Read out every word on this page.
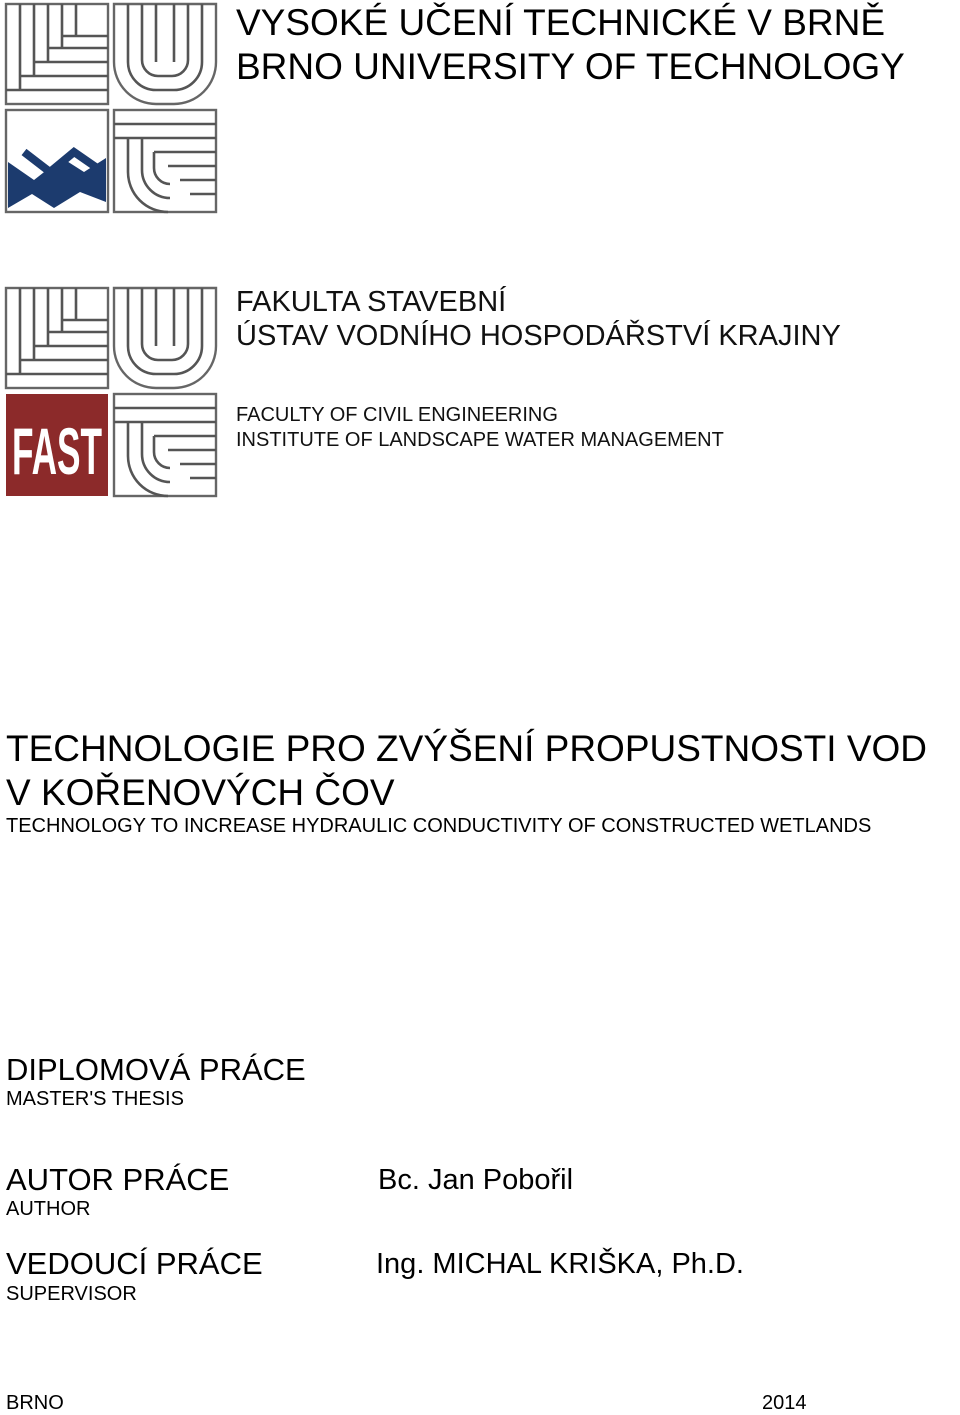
VYSOKÉ UČENÍ TECHNICKÉ V BRNĚ
BRNO UNIVERSITY OF TECHNOLOGY
FAST
FAKULTA STAVEBNÍ
ÚSTAV VODNÍHO HOSPODÁŘSTVÍ KRAJINY
FACULTY OF CIVIL ENGINEERING
INSTITUTE OF LANDSCAPE WATER MANAGEMENT
TECHNOLOGIE PRO ZVÝŠENÍ PROPUSTNOSTI VOD
V KOŘENOVÝCH ČOV
TECHNOLOGY TO INCREASE HYDRAULIC CONDUCTIVITY OF CONSTRUCTED WETLANDS
DIPLOMOVÁ PRÁCE
MASTER'S THESIS
AUTOR PRÁCE
AUTHOR
Bc. Jan Pobořil
VEDOUCÍ PRÁCE
SUPERVISOR
Ing. MICHAL KRIŠKA, Ph.D.
BRNO	2014
